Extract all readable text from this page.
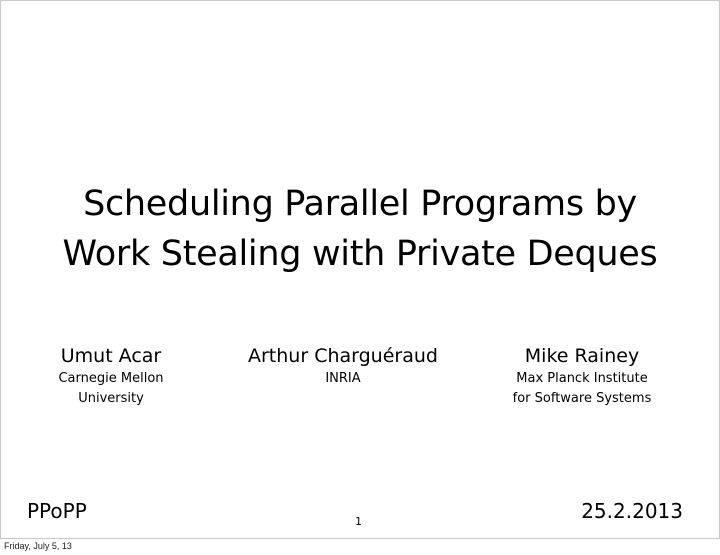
Scheduling Parallel Programs by
Work Stealing with Private Deques
Umut Acar
Carnegie Mellon
University
Arthur Charguéraud
INRIA
Mike Rainey
Max Planck Institute
for Software Systems
PPoPP	1	25.2.2013
Friday, July 5, 13
